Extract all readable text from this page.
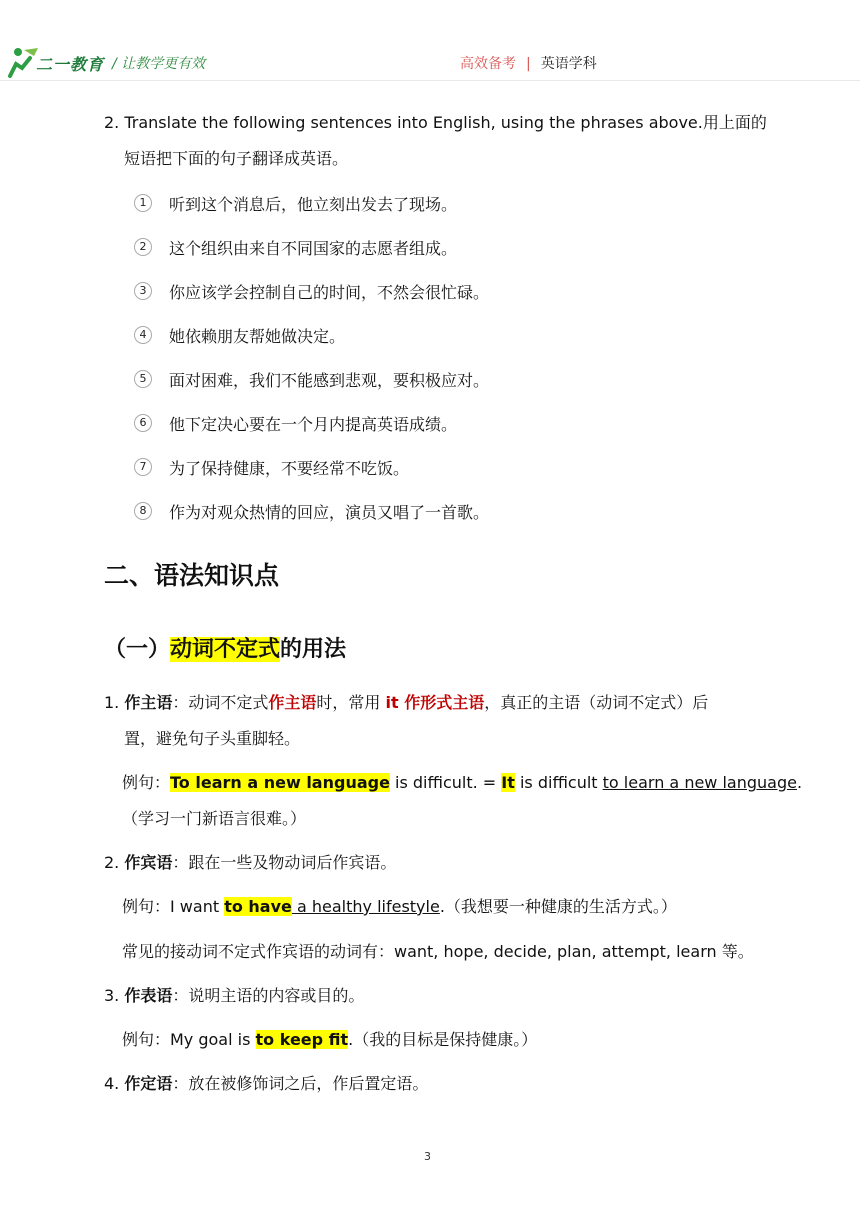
二一教育 / 让教学更有效	高效备考 | 英语学科
2. Translate the following sentences into English, using the phrases above.用上面的
短语把下面的句子翻译成英语。
1	听到这个消息后，他立刻出发去了现场。
2	这个组织由来自不同国家的志愿者组成。
3	你应该学会控制自己的时间，不然会很忙碌。
4	她依赖朋友帮她做决定。
5	面对困难，我们不能感到悲观，要积极应对。
6	他下定决心要在一个月内提高英语成绩。
7	为了保持健康，不要经常不吃饭。
8	作为对观众热情的回应，演员又唱了一首歌。
二、语法知识点
（一）动词不定式的用法
1. 作主语：动词不定式作主语时，常用 it 作形式主语，真正的主语（动词不定式）后
置，避免句子头重脚轻。
例句：To learn a new language is difficult. = It is difficult to learn a new language.
（学习一门新语言很难。）
2. 作宾语：跟在一些及物动词后作宾语。
例句：I want to have a healthy lifestyle.（我想要一种健康的生活方式。）
常见的接动词不定式作宾语的动词有：want, hope, decide, plan, attempt, learn 等。
3. 作表语：说明主语的内容或目的。
例句：My goal is to keep fit.（我的目标是保持健康。）
4. 作定语：放在被修饰词之后，作后置定语。
3
